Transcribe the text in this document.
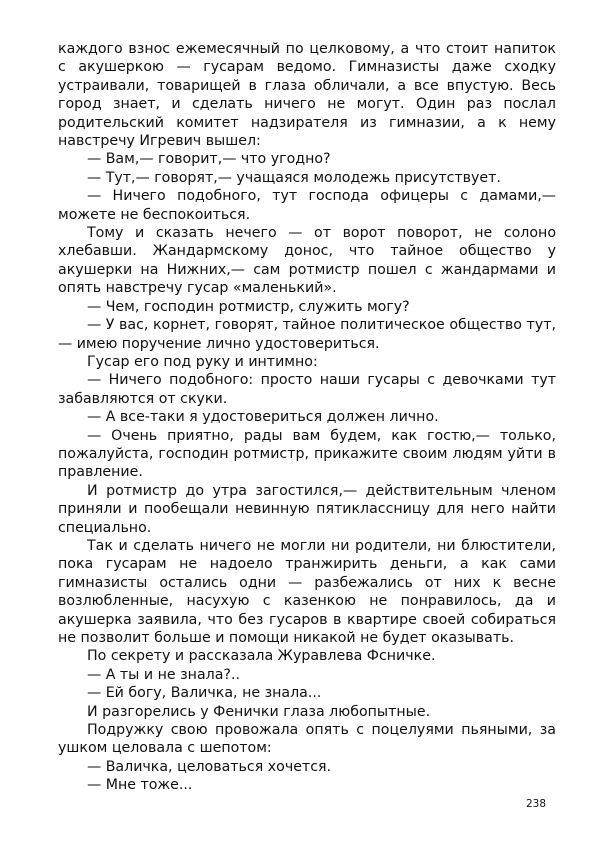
каждого взнос ежемесячный по целковому, а что стоит напиток с акушеркою — гусарам ведомо. Гимназисты даже сходку устраивали, товарищей в глаза обличали, а все впустую. Весь город знает, и сделать ничего не могут. Один раз послал родительский комитет надзирателя из гимназии, а к нему навстречу Игревич вышел:

— Вам,— говорит,— что угодно?

— Тут,— говорят,— учащаяся молодежь присутствует.

— Ничего подобного, тут господа офицеры с дамами,— можете не беспокоиться.

Тому и сказать нечего — от ворот поворот, не солоно хлебавши. Жандармскому донос, что тайное общество у акушерки на Нижних,— сам ротмистр пошел с жандармами и опять навстречу гусар «маленький».

— Чем, господин ротмистр, служить могу?

— У вас, корнет, говорят, тайное политическое общество тут,— имею поручение лично удостовериться.

Гусар его под руку и интимно:

— Ничего подобного: просто наши гусары с девочками тут забавляются от скуки.

— А все-таки я удостовериться должен лично.

— Очень приятно, рады вам будем, как гостю,— только, пожалуйста, господин ротмистр, прикажите своим людям уйти в правление.

И ротмистр до утра загостился,— действительным членом приняли и пообещали невинную пятиклассницу для него найти специально.

Так и сделать ничего не могли ни родители, ни блюстители, пока гусарам не надоело транжирить деньги, а как сами гимназисты остались одни — разбежались от них к весне возлюбленные, насухую с казенкою не понравилось, да и акушерка заявила, что без гусаров в квартире своей собираться не позволит больше и помощи никакой не будет оказывать.

По секрету и рассказала Журавлева Фсничке.

— А ты и не знала?..

— Ей богу, Валичка, не знала...

И разгорелись у Фенички глаза любопытные.

Подружку свою провожала опять с поцелуями пьяными, за ушком целовала с шепотом:

— Валичка, целоваться хочется.

— Мне тоже...

238
